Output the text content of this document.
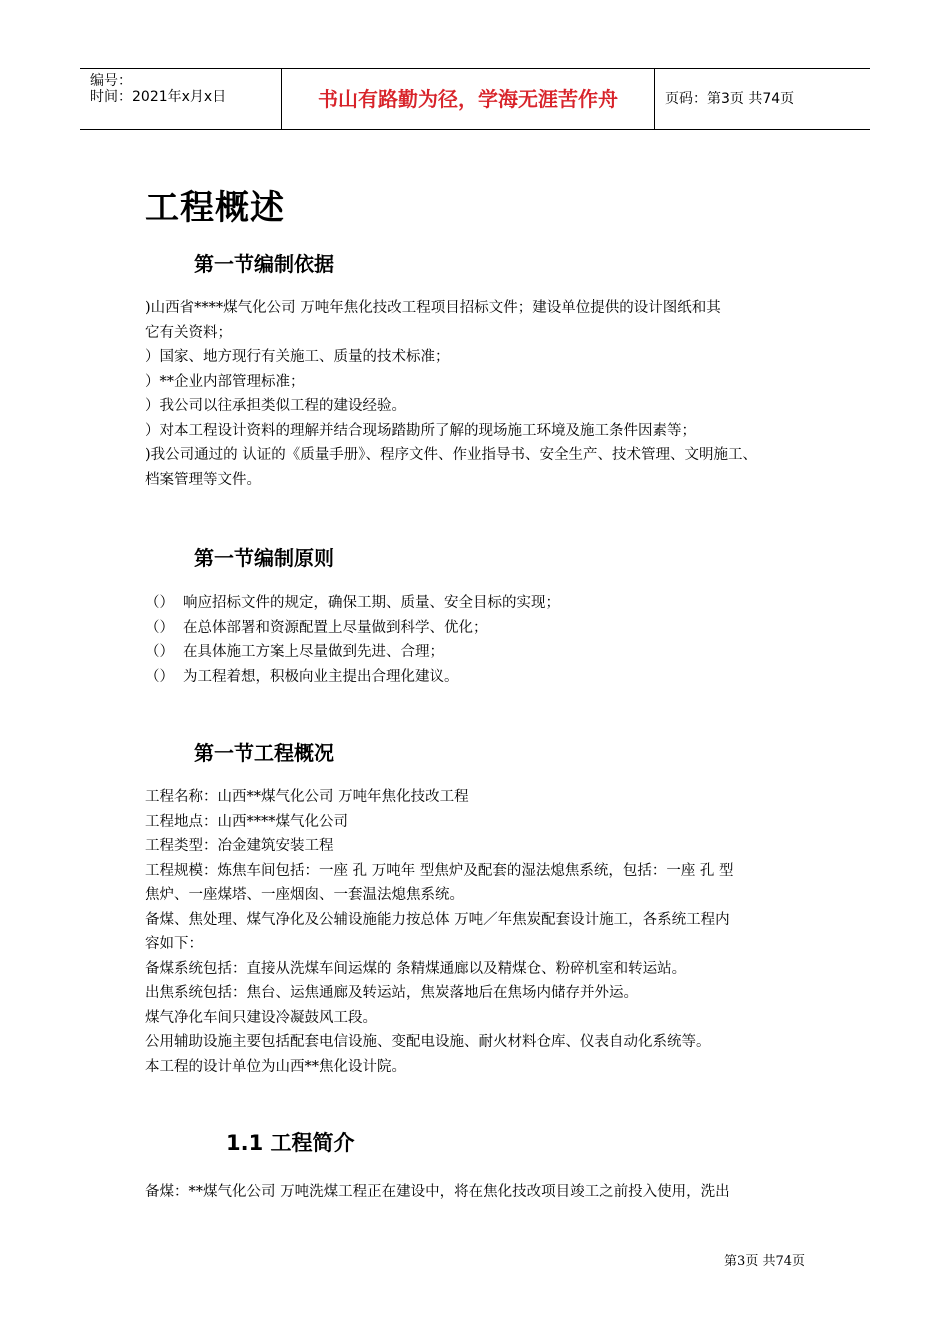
编号：
时间：2021年x月x日	书山有路勤为径，学海无涯苦作舟	页码：第3页 共74页
工程概述
第一节编制依据

)山西省****煤气化公司 万吨年焦化技改工程项目招标文件；建设单位提供的设计图纸和其

它有关资料；

）国家、地方现行有关施工、质量的技术标准；

）**企业内部管理标准；

）我公司以往承担类似工程的建设经验。

）对本工程设计资料的理解并结合现场踏勘所了解的现场施工环境及施工条件因素等；

)我公司通过的 认证的《质量手册》、程序文件、作业指导书、安全生产、技术管理、文明施工、

档案管理等文件。

第一节编制原则

（） 响应招标文件的规定，确保工期、质量、安全目标的实现；

（） 在总体部署和资源配置上尽量做到科学、优化；

（） 在具体施工方案上尽量做到先进、合理；

（） 为工程着想，积极向业主提出合理化建议。

第一节工程概况

工程名称：山西**煤气化公司 万吨年焦化技改工程

工程地点：山西****煤气化公司

工程类型：冶金建筑安装工程

工程规模：炼焦车间包括：一座 孔 万吨年 型焦炉及配套的湿法熄焦系统，包括：一座 孔 型

焦炉、一座煤塔、一座烟囱、一套温法熄焦系统。

备煤、焦处理、煤气净化及公辅设施能力按总体 万吨／年焦炭配套设计施工，各系统工程内

容如下：

备煤系统包括：直接从洗煤车间运煤的 条精煤通廊以及精煤仓、粉碎机室和转运站。

出焦系统包括：焦台、运焦通廊及转运站，焦炭落地后在焦场内储存并外运。

煤气净化车间只建设冷凝鼓风工段。

公用辅助设施主要包括配套电信设施、变配电设施、耐火材料仓库、仪表自动化系统等。

本工程的设计单位为山西**焦化设计院。

1.1 工程简介

备煤：**煤气化公司 万吨洗煤工程正在建设中，将在焦化技改项目竣工之前投入使用，洗出

第3页 共74页
